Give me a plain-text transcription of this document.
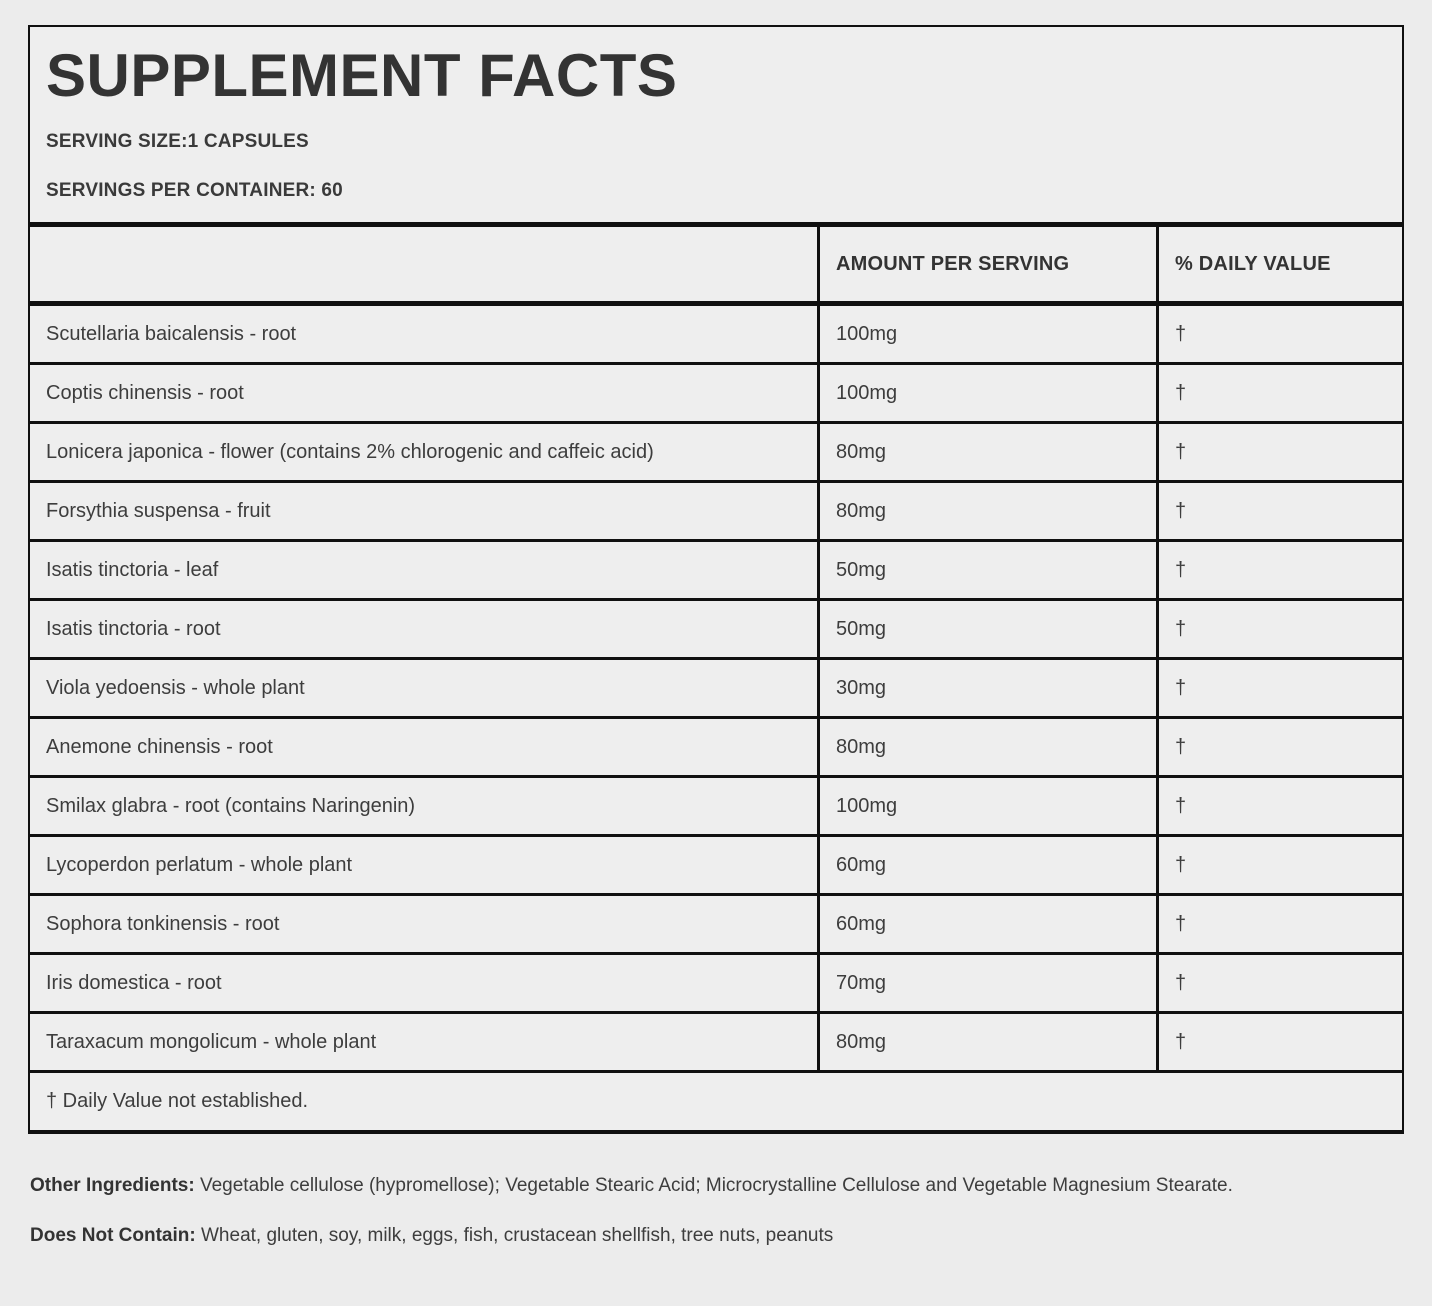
SUPPLEMENT FACTS

SERVING SIZE:1 CAPSULES

SERVINGS PER CONTAINER: 60

	AMOUNT PER SERVING	% DAILY VALUE
Scutellaria baicalensis - root	100mg	†
Coptis chinensis - root	100mg	†
Lonicera japonica - flower (contains 2% chlorogenic and caffeic acid)	80mg	†
Forsythia suspensa - fruit	80mg	†
Isatis tinctoria - leaf	50mg	†
Isatis tinctoria - root	50mg	†
Viola yedoensis - whole plant	30mg	†
Anemone chinensis - root	80mg	†
Smilax glabra - root (contains Naringenin)	100mg	†
Lycoperdon perlatum - whole plant	60mg	†
Sophora tonkinensis - root	60mg	†
Iris domestica - root	70mg	†
Taraxacum mongolicum - whole plant	80mg	†
† Daily Value not established.		

Other Ingredients: Vegetable cellulose (hypromellose); Vegetable Stearic Acid; Microcrystalline Cellulose and Vegetable Magnesium Stearate.

Does Not Contain: Wheat, gluten, soy, milk, eggs, fish, crustacean shellfish, tree nuts, peanuts
